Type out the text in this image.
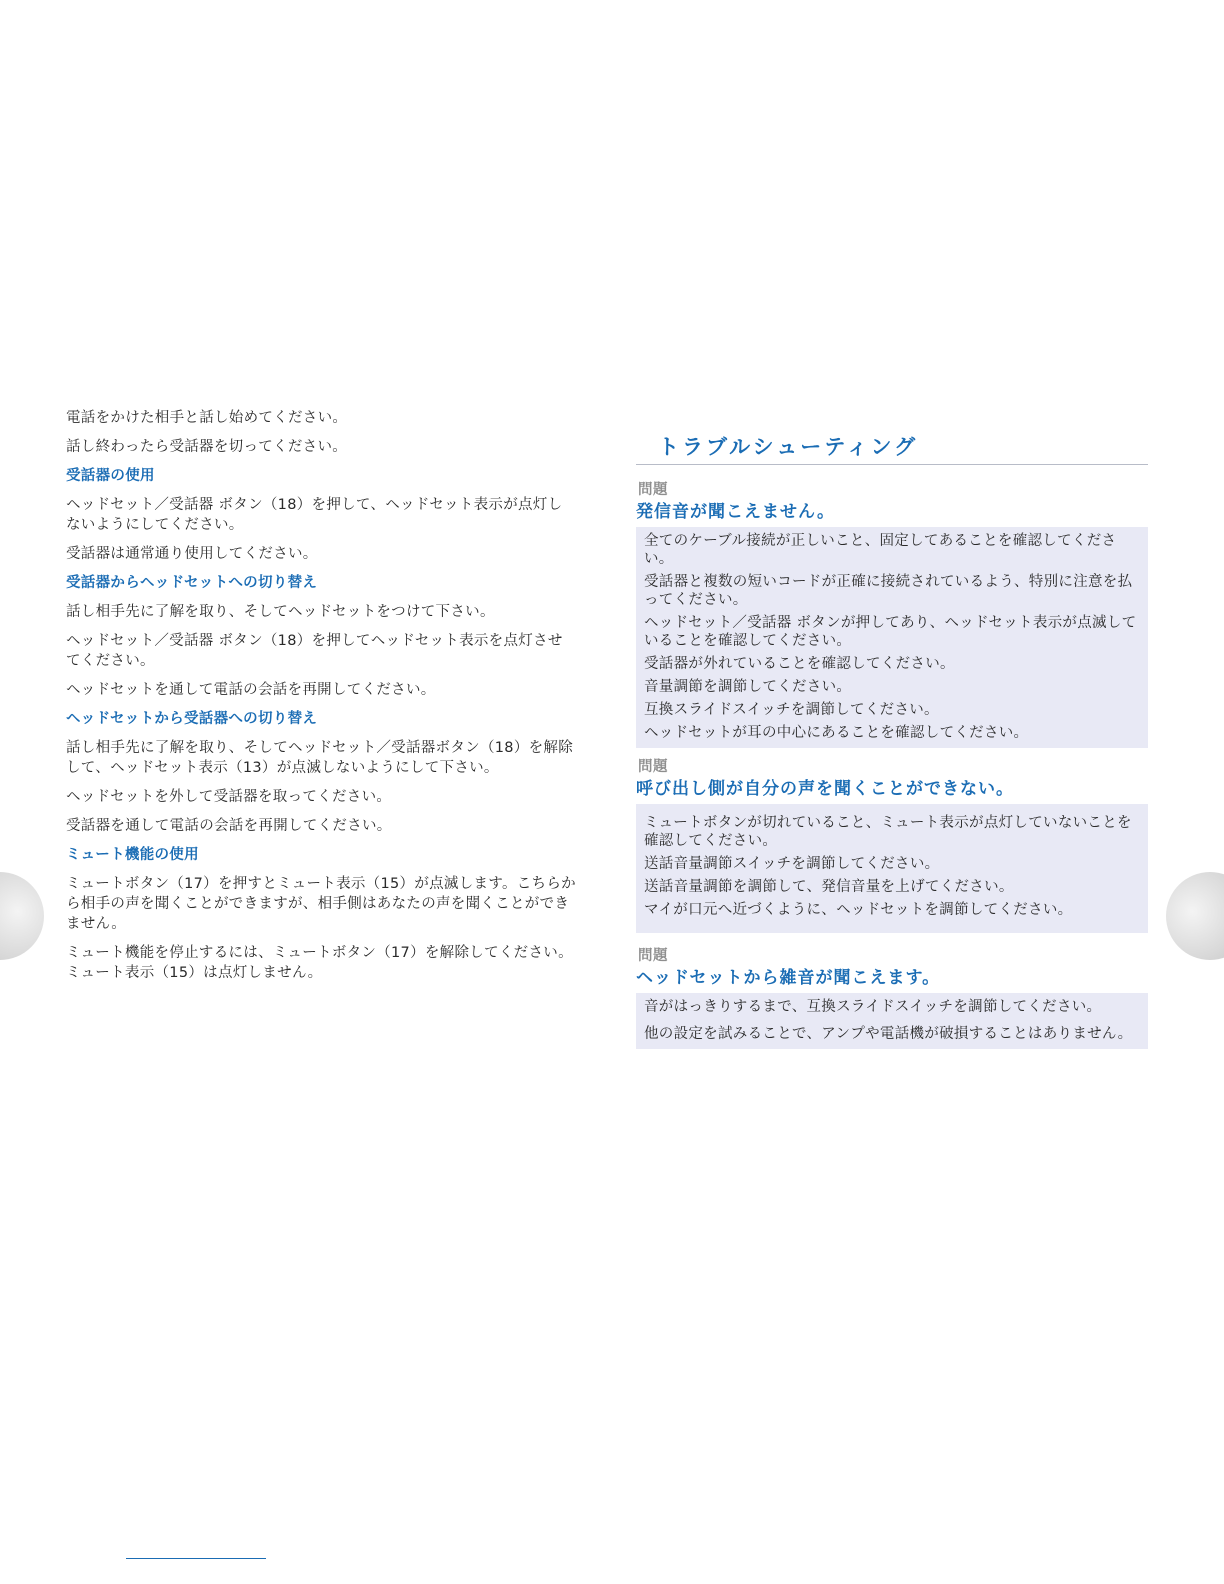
電話をかけた相手と話し始めてください。

話し終わったら受話器を切ってください。

受話器の使用

ヘッドセット／受話器 ボタン（18）を押して、ヘッドセット表示が点灯しないようにしてください。

受話器は通常通り使用してください。

受話器からヘッドセットへの切り替え

話し相手先に了解を取り、そしてヘッドセットをつけて下さい。

ヘッドセット／受話器 ボタン（18）を押してヘッドセット表示を点灯させてください。

ヘッドセットを通して電話の会話を再開してください。

ヘッドセットから受話器への切り替え

話し相手先に了解を取り、そしてヘッドセット／受話器ボタン（18）を解除して、ヘッドセット表示（13）が点滅しないようにして下さい。

ヘッドセットを外して受話器を取ってください。

受話器を通して電話の会話を再開してください。

ミュート機能の使用

ミュートボタン（17）を押すとミュート表示（15）が点滅します。こちらから相手の声を聞くことができますが、相手側はあなたの声を聞くことができません。

ミュート機能を停止するには、ミュートボタン（17）を解除してください。ミュート表示（15）は点灯しません。

トラブルシューティング
問題
発信音が聞こえません。
全てのケーブル接続が正しいこと、固定してあることを確認してください。
受話器と複数の短いコードが正確に接続されているよう、特別に注意を払ってください。
ヘッドセット／受話器 ボタンが押してあり、ヘッドセット表示が点滅していることを確認してください。
受話器が外れていることを確認してください。
音量調節を調節してください。
互換スライドスイッチを調節してください。
ヘッドセットが耳の中心にあることを確認してください。
問題
呼び出し側が自分の声を聞くことができない。
ミュートボタンが切れていること、ミュート表示が点灯していないことを確認してください。
送話音量調節スイッチを調節してください。
送話音量調節を調節して、発信音量を上げてください。
マイが口元へ近づくように、ヘッドセットを調節してください。
問題
ヘッドセットから雑音が聞こえます。
音がはっきりするまで、互換スライドスイッチを調節してください。
他の設定を試みることで、アンプや電話機が破損することはありません。
